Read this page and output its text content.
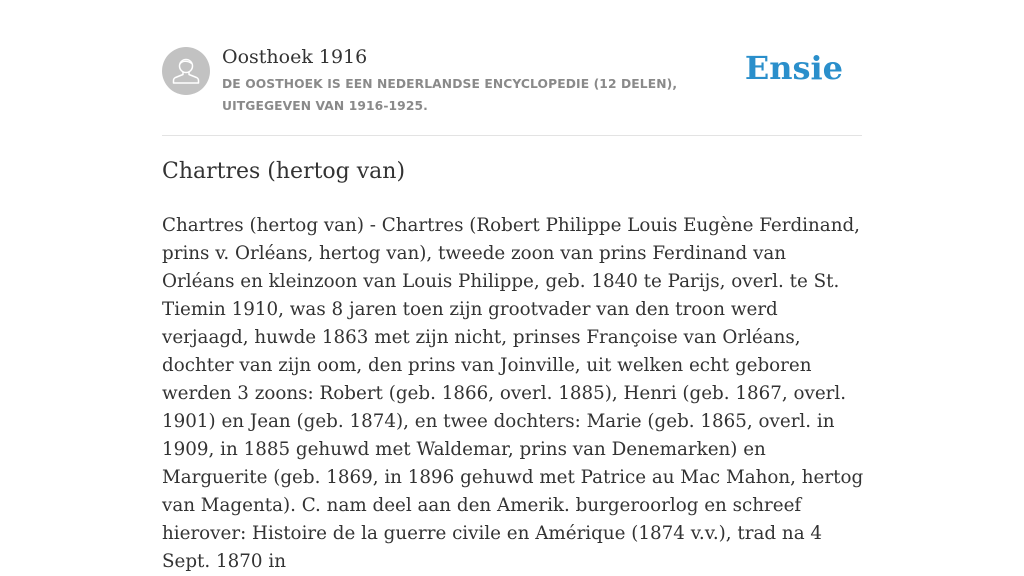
Oosthoek 1916
DE OOSTHOEK IS EEN NEDERLANDSE ENCYCLOPEDIE (12 DELEN), UITGEGEVEN VAN 1916-1925.
Ensie
Chartres (hertog van)

Chartres (hertog van) - Chartres (Robert Philippe Louis Eugène Ferdinand, prins v. Orléans, hertog van), tweede zoon van prins Ferdinand van Orléans en kleinzoon van Louis Philippe, geb. 1840 te Parijs, overl. te St. Tiemin 1910, was 8 jaren toen zijn grootvader van den troon werd verjaagd, huwde 1863 met zijn nicht, prinses Françoise van Orléans, dochter van zijn oom, den prins van Joinville, uit welken echt geboren werden 3 zoons: Robert (geb. 1866, overl. 1885), Henri (geb. 1867, overl. 1901) en Jean (geb. 1874), en twee dochters: Marie (geb. 1865, overl. in 1909, in 1885 gehuwd met Waldemar, prins van Denemarken) en Marguerite (geb. 1869, in 1896 gehuwd met Patrice au Mac Mahon, hertog van Magenta). C. nam deel aan den Amerik. burgeroorlog en schreef hierover: Histoire de la guerre civile en Amérique (1874 v.v.), trad na 4 Sept. 1870 in
